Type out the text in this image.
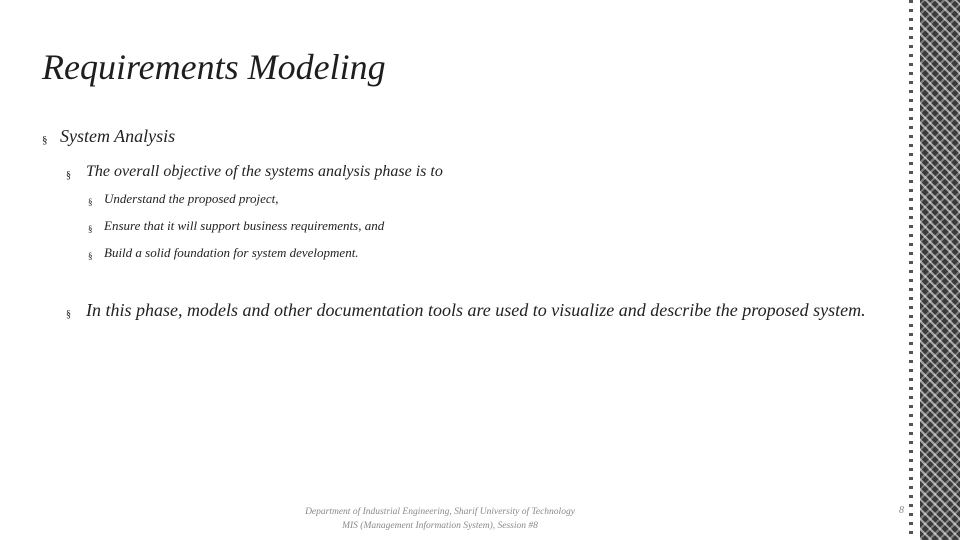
Requirements Modeling
§ System Analysis
§ The overall objective of the systems analysis phase is to
§ Understand the proposed project,
§ Ensure that it will support business requirements, and
§ Build a solid foundation for system development.
§ In this phase, models and other documentation tools are used to visualize and describe the proposed system.
Department of Industrial Engineering, Sharif University of Technology
MIS (Management Information System), Session #8
8
